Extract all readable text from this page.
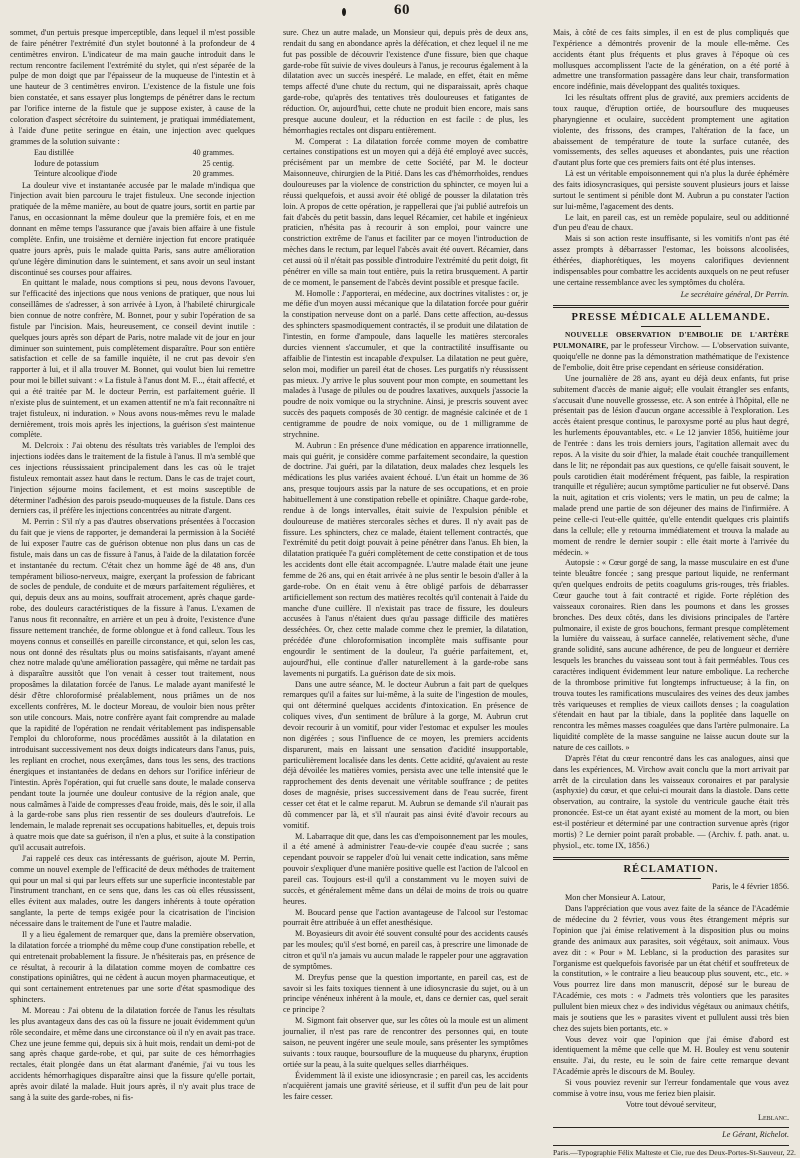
60

sommet, d'un pertuis presque imperceptible, dans lequel il m'est possible de faire pénétrer l'extrémité d'un stylet boutonné à la profondeur de 4 centimètres environ. L'indicateur de ma main gauche introduit dans le rectum rencontre facilement l'extrémité du stylet, qui n'est séparée de la pulpe de mon doigt que par l'épaisseur de la muqueuse de l'intestin et à une hauteur de 3 centimètres environ. L'existence de la fistule une fois bien constatée, et sans essayer plus longtemps de pénétrer dans le rectum par l'orifice interne de la fistule que je suppose exister, à cause de la coloration d'aspect sécrétoire du suintement, je pratiquai immédiatement, à l'aide d'une petite seringue en étain, une injection avec quelques grammes de la solution suivante :

Eau distillée	40 grammes.
Iodure de potassium	25 centig.
Teinture alcoolique d'iode	20 grammes.

La douleur vive et instantanée accusée par le malade m'indiqua que l'injection avait bien parcouru le trajet fistuleux. Une seconde injection pratiquée de la même manière, au bout de quatre jours, sortit en partie par l'anus, en occasionnant la même douleur que la première fois, et en me donnant en même temps l'assurance que j'avais bien affaire à une fistule complète. Enfin, une troisième et dernière injection fut encore pratiquée quatre jours après, puis le malade quitta Paris, sans autre amélioration qu'une légère diminution dans le suintement, et sans avoir un seul instant discontinué ses courses pour affaires.

En quittant le malade, nous comptions si peu, nous devons l'avouer, sur l'efficacité des injections que nous venions de pratiquer, que nous lui conseillâmes de s'adresser, à son arrivée à Lyon, à l'habileté chirurgicale bien connue de notre confrère, M. Bonnet, pour y subir l'opération de sa fistule par l'incision. Mais, heureusement, ce conseil devint inutile : quelques jours après son départ de Paris, notre malade vit de jour en jour diminuer son suintement, puis complètement disparaître. Pour son entière satisfaction et celle de sa famille inquiète, il ne crut pas devoir s'en rapporter à lui, et il alla trouver M. Bonnet, qui voulut bien lui remettre pour moi le billet suivant : « La fistule à l'anus dont M. F..., était affecté, et qui a été traitée par M. le docteur Perrin, est parfaitement guérie. Il n'existe plus de suintement, et un examen attentif ne m'a fait reconnaître ni trajet fistuleux, ni induration. » Nous avons nous-mêmes revu le malade dernièrement, trois mois après les injections, la guérison s'est maintenue complète.

M. Delcroix : J'ai obtenu des résultats très variables de l'emploi des injections iodées dans le traitement de la fistule à l'anus. Il m'a semblé que ces injections réussissaient principalement dans les cas où le trajet fistuleux remontait assez haut dans le rectum. Dans le cas de trajet court, l'injection séjourne moins facilement, et est moins susceptible de déterminer l'adhésion des parois pseudo-muqueuses de la fistule. Dans ces derniers cas, il préfère les injections concentrées au nitrate d'argent.

M. Perrin : S'il n'y a pas d'autres observations présentées à l'occasion du fait que je viens de rapporter, je demanderai la permission à la Société de lui exposer l'autre cas de guérison obtenue non plus dans un cas de fistule, mais dans un cas de fissure à l'anus, à l'aide de la dilatation forcée et instantanée du rectum. C'était chez un homme âgé de 48 ans, d'un tempérament bilioso-nerveux, maigre, exerçant la profession de fabricant de socles de pendule, de conduite et de mœurs parfaitement régulières, et qui, depuis deux ans au moins, souffrait atrocement, après chaque garde-robe, des douleurs caractéristiques de la fissure à l'anus. L'examen de l'anus nous fit reconnaître, en arrière et un peu à droite, l'existence d'une fissure nettement tranchée, de forme oblongue et à fond calleux. Tous les moyens connus et conseillés en pareille circonstance, et qui, selon les cas, nous ont donné des résultats plus ou moins satisfaisants, n'ayant amené chez notre malade qu'une amélioration passagère, qui même ne tardait pas à disparaître aussitôt que l'on venait à cesser tout traitement, nous proposâmes la dilatation forcée de l'anus. Le malade ayant manifesté le désir d'être chloroformisé préalablement, nous priâmes un de nos excellents confrères, M. le docteur Moreau, de vouloir bien nous prêter son utile concours. Mais, notre confrère ayant fait comprendre au malade que la rapidité de l'opération ne rendait véritablement pas indispensable l'emploi du chloroforme, nous procédâmes aussitôt à la dilatation en introduisant successivement nos deux doigts indicateurs dans l'anus, puis, les repliant en crochet, nous exerçâmes, dans tous les sens, des tractions énergiques et instantanées de dedans en dehors sur l'orifice inférieur de l'intestin. Après l'opération, qui fut cruelle sans doute, le malade conserva pendant toute la journée une douleur contusive de la région anale, que nous calmâmes à l'aide de compresses d'eau froide, mais, dès le soir, il alla à la garde-robe sans plus rien ressentir de ses douleurs d'autrefois. Le lendemain, le malade reprenait ses occupations habituelles, et, depuis trois à quatre mois que date sa guérison, il n'en a plus, et suite à la constipation qu'il accusait autrefois.

J'ai rappelé ces deux cas intéressants de guérison, ajoute M. Perrin, comme un nouvel exemple de l'efficacité de deux méthodes de traitement qui pour un mal si qui par leurs effets sur une superficie incontestable par l'instrument tranchant, en ce sens que, dans les cas où elles réussissent, elles évitent aux malades, outre les dangers inhérents à toute opération sanglante, la perte de temps exigée pour la cicatrisation de l'incision nécessaire dans le traitement de l'une et l'autre maladie.

Il y a lieu également de remarquer que, dans la première observation, la dilatation forcée a triomphé du même coup d'une constipation rebelle, et qui entretenait probablement la fissure. Je n'hésiterais pas, en présence de ce résultat, à recourir à la dilatation comme moyen de combattre ces constipations opiniâtres, qui ne cèdent à aucun moyen pharmaceutique, et qui sont certainement entretenues par une sorte d'état spasmodique des sphincters.

M. Moreau : J'ai obtenu de la dilatation forcée de l'anus les résultats les plus avantageux dans des cas où la fissure ne jouait évidemment qu'un rôle secondaire, et même dans une circonstance où il n'y en avait pas trace. Chez une jeune femme qui, depuis six à huit mois, rendait un demi-pot de sang après chaque garde-robe, et qui, par suite de ces hémorrhagies rectales, était plongée dans un état alarmant d'anémie, j'ai vu tous les accidents hémorrhagiques disparaître ainsi que la fissure qu'elle portait, après avoir dilaté la malade. Huit jours après, il n'y avait plus trace de sang à la suite des garde-robes, ni fis-

sure. Chez un autre malade, un Monsieur qui, depuis près de deux ans, rendait du sang en abondance après la défécation, et chez lequel il ne me fut pas possible de découvrir l'existence d'une fissure, bien que chaque garde-robe fût suivie de vives douleurs à l'anus, je recourus également à la dilatation avec un succès inespéré. Le malade, en effet, était en même temps affecté d'une chute du rectum, qui ne disparaissait, après chaque garde-robe, qu'après des tentatives très douloureuses et fatigantes de réduction. Or, aujourd'hui, cette chute ne produit bien encore, mais sans presque aucune douleur, et la réduction en est facile : de plus, les hémorrhagies rectales ont disparu entièrement.

M. Comperat : La dilatation forcée comme moyen de combattre certaines constipations est un moyen qui a déjà été employé avec succès, précisément par un membre de cette Société, par M. le docteur Maisonneuve, chirurgien de la Pitié. Dans les cas d'hémorrhoïdes, rendues douloureuses par la violence de constriction du sphincter, ce moyen lui a réussi quelquefois, et aussi avoir été obligé de pousser la dilatation très loin. A propos de cette opération, je rappellerai que j'ai publié autrefois un fait d'abcès du petit bassin, dans lequel Récamier, cet habile et ingénieux praticien, n'hésita pas à recourir à son emploi, pour vaincre une constriction extrême de l'anus et faciliter par ce moyen l'introduction de mèches dans le rectum, par lequel l'abcès avait été ouvert. Récamier, dans cet aussi où il n'était pas possible d'introduire l'extrémité du petit doigt, fit pénétrer en ville sa main tout entière, puis la retira brusquement. A partir de ce moment, le pansement de l'abcès devint possible et presque facile.

M. Homolle : J'apporterai, en médecine, aux doctrines vitalistes : or, je me défie d'un moyen aussi mécanique que la dilatation forcée pour guérir la constipation nerveuse dont on a parlé. Dans cette affection, au-dessus des sphincters spasmodiquement contractés, il se produit une dilatation de l'intestin, en forme d'ampoule, dans laquelle les matières stercorales durcies viennent s'accumuler, et que la contractilité insuffisante ou affaiblie de l'intestin est incapable d'expulser. La dilatation ne peut guère, selon moi, modifier un pareil état de choses. Les purgatifs n'y réussissent pas mieux. J'y arrive le plus souvent pour mon compte, en soumettant les malades à l'usage de pilules ou de poudres laxatives, auxquels j'associe la poudre de noix vomique ou la strychnine. Ainsi, je prescris souvent avec succès des paquets composés de 30 centigr. de magnésie calcinée et de 1 centigramme de poudre de noix vomique, ou de 1 milligramme de strychnine.

M. Aubrun : En présence d'une médication en apparence irrationnelle, mais qui guérit, je considère comme parfaitement secondaire, la question de doctrine. J'ai guéri, par la dilatation, deux malades chez lesquels les médications les plus variées avaient échoué. L'un était un homme de 36 ans, presque toujours assis par la nature de ses occupations, et en proie habituellement à une constipation rebelle et opiniâtre. Chaque garde-robe, rendue à de longs intervalles, était suivie de l'expulsion pénible et douloureuse de matières stercorales sèches et dures. Il n'y avait pas de fissure. Les sphincters, chez ce malade, étaient tellement contractés, que l'extrémité du petit doigt pouvait à peine pénétrer dans l'anus. Eh bien, la dilatation pratiquée l'a guéri complètement de cette constipation et de tous les accidents dont elle était accompagnée. L'autre malade était une jeune femme de 26 ans, qui en était arrivée à ne plus sentir le besoin d'aller à la garde-robe. On en était venu à être obligé parfois de débarrasser artificiellement son rectum des matières recoltés qu'il contenait à l'aide du manche d'une cuillère. Il n'existait pas trace de fissure, les douleurs accusées à l'anus n'étaient dues qu'au passage difficile des matières desséchées. Or, chez cette malade comme chez le premier, la dilatation, précédée d'une chloroformisation incomplète mais suffisante pour engourdir le sentiment de la douleur, l'a guérie parfaitement, et, aujourd'hui, elle continue d'aller naturellement à la garde-robe sans lavements ni purgatifs. La guérison date de six mois.

Dans une autre séance, M. le docteur Aubrun a fait part de quelques remarques qu'il a faites sur lui-même, à la suite de l'ingestion de moules, qui ont déterminé quelques accidents d'intoxication. En présence de coliques vives, d'un sentiment de brûlure à la gorge, M. Aubrun crut devoir recourir à un vomitif, pour vider l'estomac et expulser les moules non digérées ; sous l'influence de ce moyen, les premiers accidents disparurent, mais en laissant une sensation d'acidité insupportable, particulièrement localisée dans les dents. Cette acidité, qu'avaient au reste déjà dévoilée les matières vomies, persista avec une telle intensité que le rapprochement des dents devenait une véritable souffrance ; de petites doses de magnésie, prises successivement dans de l'eau sucrée, firent cesser cet état et le calme reparut. M. Aubrun se demande s'il n'aurait pas dû commencer par là, et s'il n'aurait pas ainsi évité d'avoir recours au vomitif.

M. Labarraque dit que, dans les cas d'empoisonnement par les moules, il a été amené à administrer l'eau-de-vie coupée d'eau sucrée ; sans cependant pouvoir se rappeler d'où lui venait cette indication, sans même pouvoir s'expliquer d'une manière positive quelle est l'action de l'alcool en pareil cas. Toujours est-il qu'il a constamment vu le moyen suivi de succès, et généralement même dans un délai de moins de trois ou quatre heures.

M. Boucard pense que l'action avantageuse de l'alcool sur l'estomac pourrait être attribuée à un effet anesthésique.

M. Boyasieurs dit avoir été souvent consulté pour des accidents causés par les moules; qu'il s'est borné, en pareil cas, à prescrire une limonade de citron et qu'il n'a jamais vu aucun malade le rappeler pour une aggravation de symptômes.

M. Dreyfus pense que la question importante, en pareil cas, est de savoir si les faits toxiques tiennent à une idiosyncrasie du sujet, ou à un principe vénéneux inhérent à la moule, et, dans ce dernier cas, quel serait ce principe ?

M. Sigmont fait observer que, sur les côtes où la moule est un aliment journalier, il n'est pas rare de rencontrer des personnes qui, en toute saison, ne peuvent ingérer une seule moule, sans présenter les symptômes suivants : toux rauque, boursouflure de la muqueuse du pharynx, éruption ortiée sur la peau, à la suite quelques selles diarrhéiques.

Évidemment là il existe une idiosyncrasie ; en pareil cas, les accidents n'acquièrent jamais une gravité sérieuse, et il suffit d'un peu de lait pour les faire cesser.

Mais, à côté de ces faits simples, il en est de plus compliqués que l'expérience a démontrés provenir de la moule elle-même. Ces accidents étant plus fréquents et plus graves à l'époque où ces mollusques accomplissent l'acte de la génération, on a été porté à admettre une transformation passagère dans leur chair, transformation encore indéfinie, mais développant des qualités toxiques.

Ici les résultats offrent plus de gravité, aux premiers accidents de toux rauque, d'éruption ortiée, de boursouflure des muqueuses pharyngienne et oculaire, succèdent promptement une agitation violente, des frissons, des crampes, l'altération de la face, un abaissement de température de toute la surface cutanée, des vomissements, des selles aqueuses et abondantes, puis une réaction d'autant plus forte que ces premiers faits ont été plus intenses.

Là est un véritable empoisonnement qui n'a plus la durée éphémère des faits idiosyncrasiques, qui persiste souvent plusieurs jours et laisse surtout le sentiment si pénible dont M. Aubrun a pu constater l'action sur lui-même, l'agacement des dents.

Le lait, en pareil cas, est un remède populaire, seul ou additionné d'un peu d'eau de chaux.

Mais si son action reste insuffisante, si les vomitifs n'ont pas été assez prompts à débarrasser l'estomac, les boissons alcoolisées, éthérées, diaphorétiques, les moyens calorifiques deviennent indispensables pour combattre les accidents auxquels on ne peut refuser une certaine ressemblance avec les symptômes du choléra.

Le secrétaire général, Dr Perrin.
PRESSE MÉDICALE ALLEMANDE.

NOUVELLE OBSERVATION D'EMBOLIE DE L'ARTÈRE PULMONAIRE, par le professeur Virchow. — L'observation suivante, quoiqu'elle ne donne pas la démonstration mathématique de l'existence de l'embolie, doit être prise cependant en sérieuse considération.

Une journalière de 28 ans, ayant eu déjà deux enfants, fut prise subitement d'accès de manie aiguë; elle voulait étrangler ses enfants, s'accusait d'une nouvelle grossesse, etc. A son entrée à l'hôpital, elle ne présentait pas de lésion d'aucun organe accessible à l'exploration. Les accès étaient presque continus, le paroxysme porté au plus haut degré, les hurlements épouvantables, etc. « Le 12 janvier 1856, huitième jour de l'entrée : dans les trois derniers jours, l'agitation allernait avec du repos. A la visite du soir d'hier, la malade était couchée tranquillement dans le lit; ne répondait pas aux questions, ce qu'elle faisait souvent, le pouls carotidien était modérément fréquent, pas faible, la respiration tranquille et régulière; aucun symptôme particulier ne fut observé. Dans la nuit, agitation et cris violents; vers le matin, un peu de calme; la malade prend une partie de son déjeuner des mains de l'infirmière. A peine celle-ci l'eut-elle quittée, qu'elle entendit quelques cris plaintifs dans la cellule; elle y retourna immédiatement et trouva la malade au moment de rendre le dernier soupir : elle était morte à l'arrivée du médecin. »

Autopsie : « Cœur gorgé de sang, la masse musculaire en est d'une teinte bleuâtre foncée ; sang presque partout liquide, ne renfermant qu'en quelques endroits de petits coagulums gris-rouges, très friables. Cœur gauche tout à fait contracté et rigide. Forte réplétion des vaisseaux coronaires. Rien dans les poumons et dans les grosses bronches. Des deux côtés, dans les divisions principales de l'artère pulmonaire, il existe de gros bouchons, fermant presque complètement la lumière du vaisseau, à surface cannelée, relativement sèche, d'une grande solidité, sans aucune adhérence, de peu de longueur et derrière lesquels les branches du vaisseau sont tout à fait perméables. Tous ces caractères indiquent évidemment leur nature embolique. La recherche de la thrombose primitive fut longtemps infructueuse; à la fin, on trouva toutes les ramifications musculaires des veines des deux jambes très variqueuses et remplies de vieux caillots denses ; la coagulation s'étendait en haut par la tibiale, dans la poplitée dans laquelle on rencontra les mêmes masses coagulées que dans l'artère pulmonaire. La liquidité complète de la masse sanguine ne laisse aucun doute sur la nature de ces caillots. »

D'après l'état du cœur rencontré dans les cas analogues, ainsi que dans les expériences, M. Virchow avait conclu que la mort arrivait par arrêt de la circulation dans les vaisseaux coronaires et par paralysie (asphyxie) du cœur, et que celui-ci mourait dans la diastole. Dans cette observation, au contraire, la systole du ventricule gauche était très prononcée. Est-ce un état ayant existé au moment de la mort, ou bien est-il postérieur et déterminé par une contraction survenue après (rigor mortis) ? Le dernier point paraît probable. — (Archiv. f. path. anat. u. physiol., etc. tome IX, 1856.)

RÉCLAMATION.
Paris, le 4 février 1856.

Mon cher Monsieur A. Latour,

Dans l'appréciation que vous avez faite de la séance de l'Académie de médecine du 2 février, vous vous êtes étrangement mépris sur l'opinion que j'ai émise relativement à la disposition plus ou moins grande des animaux aux parasites, soit végétaux, soit animaux. Vous avez dit : « Pour » M. Leblanc, si la production des parasites sur l'organisme est quelquefois favorisée par un état chétif et souffreteux de la constitution, » le contraire a lieu beaucoup plus souvent, etc., etc. » Vous pourrez lire dans mon manuscrit, déposé sur le bureau de l'Académie, ces mots : « J'admets très volontiers que les parasites pullulent bien mieux chez » des individus végétaux ou animaux chétifs, mais je soutiens que les » parasites vivent et pullulent aussi très bien chez des sujets bien portants, etc. »

Vous devez voir que l'opinion que j'ai émise d'abord est identiquement la même que celle que M. H. Bouley est venu soutenir ensuite. J'ai, du reste, eu le soin de faire cette remarque devant l'Académie après le discours de M. Bouley.

Si vous pouviez revenir sur l'erreur fondamentale que vous avez commise à votre insu, vous me feriez bien plaisir.

Votre tout dévoué serviteur,
Leblanc.
Le Gérant, Richelot.
Paris.—Typographie Félix Malteste et Cie, rue des Deux-Portes-St-Sauveur, 22.
